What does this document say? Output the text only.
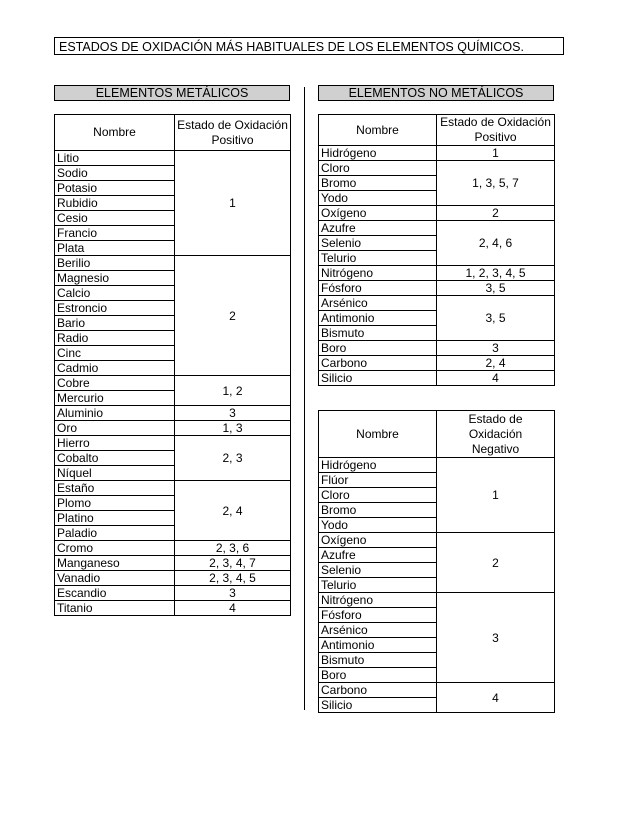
ESTADOS DE OXIDACIÓN MÁS HABITUALES DE LOS ELEMENTOS QUÍMICOS.
ELEMENTOS METÁLICOS	ELEMENTOS NO METÁLICOS
Nombre	Estado de Oxidación Positivo
Litio	1
Sodio	
Potasio	
Rubidio	
Cesio	
Francio	
Plata	
Berilio	2
Magnesio	
Calcio	
Estroncio	
Bario	
Radio	
Cinc	
Cadmio	
Cobre	1, 2
Mercurio	
Aluminio	3
Oro	1, 3
Hierro	2, 3
Cobalto	
Níquel	
Estaño	2, 4
Plomo	
Platino	
Paladio	
Cromo	2, 3, 6
Manganeso	2, 3, 4, 7
Vanadio	2, 3, 4, 5
Escandio	3
Titanio	4
Nombre	Estado de Oxidación Positivo
Hidrógeno	1
Cloro	1, 3, 5, 7
Bromo	
Yodo	
Oxígeno	2
Azufre	2, 4, 6
Selenio	
Telurio	
Nitrógeno	1, 2, 3, 4, 5
Fósforo	3, 5
Arsénico	3, 5
Antimonio	
Bismuto	
Boro	3
Carbono	2, 4
Silicio	4
Nombre	Estado de Oxidación Negativo
Hidrógeno	1
Flúor	
Cloro	
Bromo	
Yodo	
Oxígeno	2
Azufre	
Selenio	
Telurio	
Nitrógeno	3
Fósforo	
Arsénico	
Antimonio	
Bismuto	
Boro	
Carbono	4
Silicio	
